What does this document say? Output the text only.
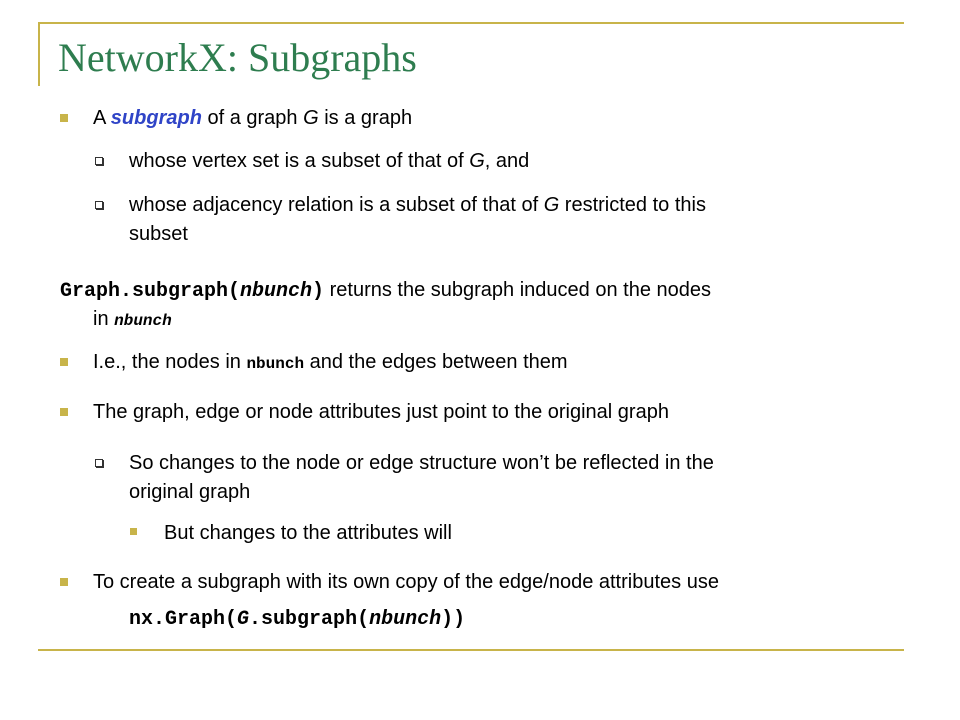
NetworkX: Subgraphs
A subgraph of a graph G is a graph
whose vertex set is a subset of that of G, and
whose adjacency relation is a subset of that of G restricted to this
subset
Graph.subgraph(nbunch) returns the subgraph induced on the nodes
in nbunch
I.e., the nodes in nbunch and the edges between them
The graph, edge or node attributes just point to the original graph
So changes to the node or edge structure won’t be reflected in the
original graph
But changes to the attributes will
To create a subgraph with its own copy of the edge/node attributes use
nx.Graph(G.subgraph(nbunch))
